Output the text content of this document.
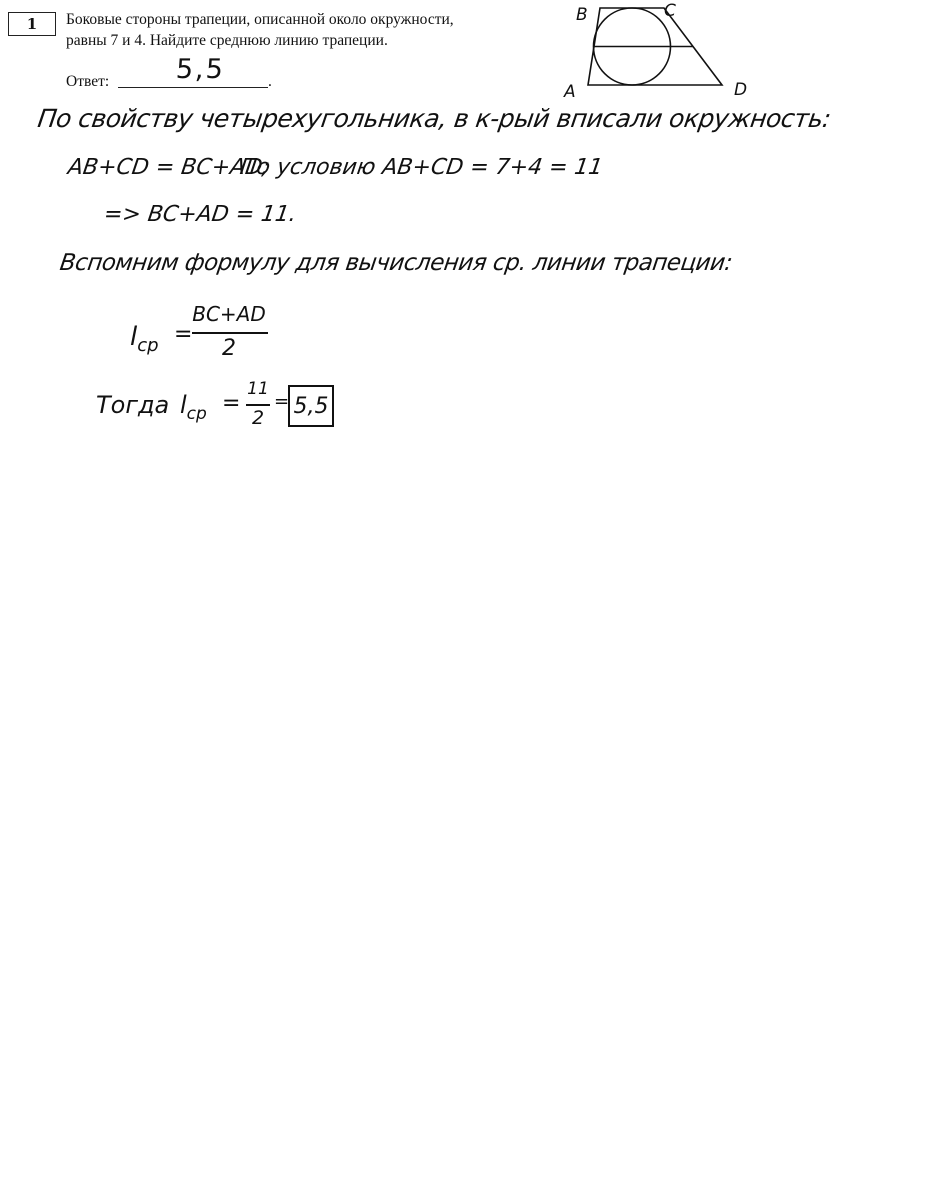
1 Боковые стороны трапеции, описанной около окружности,
равны 7 и 4. Найдите среднюю линию трапеции.
Ответ:	.
5,5
B	C
A	D
По свойству четырехугольника, в к-рый вписали окружность:
AB+CD = BC+AD;
По условию AB+CD = 7+4 = 11
=> BC+AD = 11.
Вспомним формулу для вычисления ср. линии трапеции:
$l_{ср}$ =
BC+AD
2
Тогда $l_{ср}$ =
11
2
= 5,5
